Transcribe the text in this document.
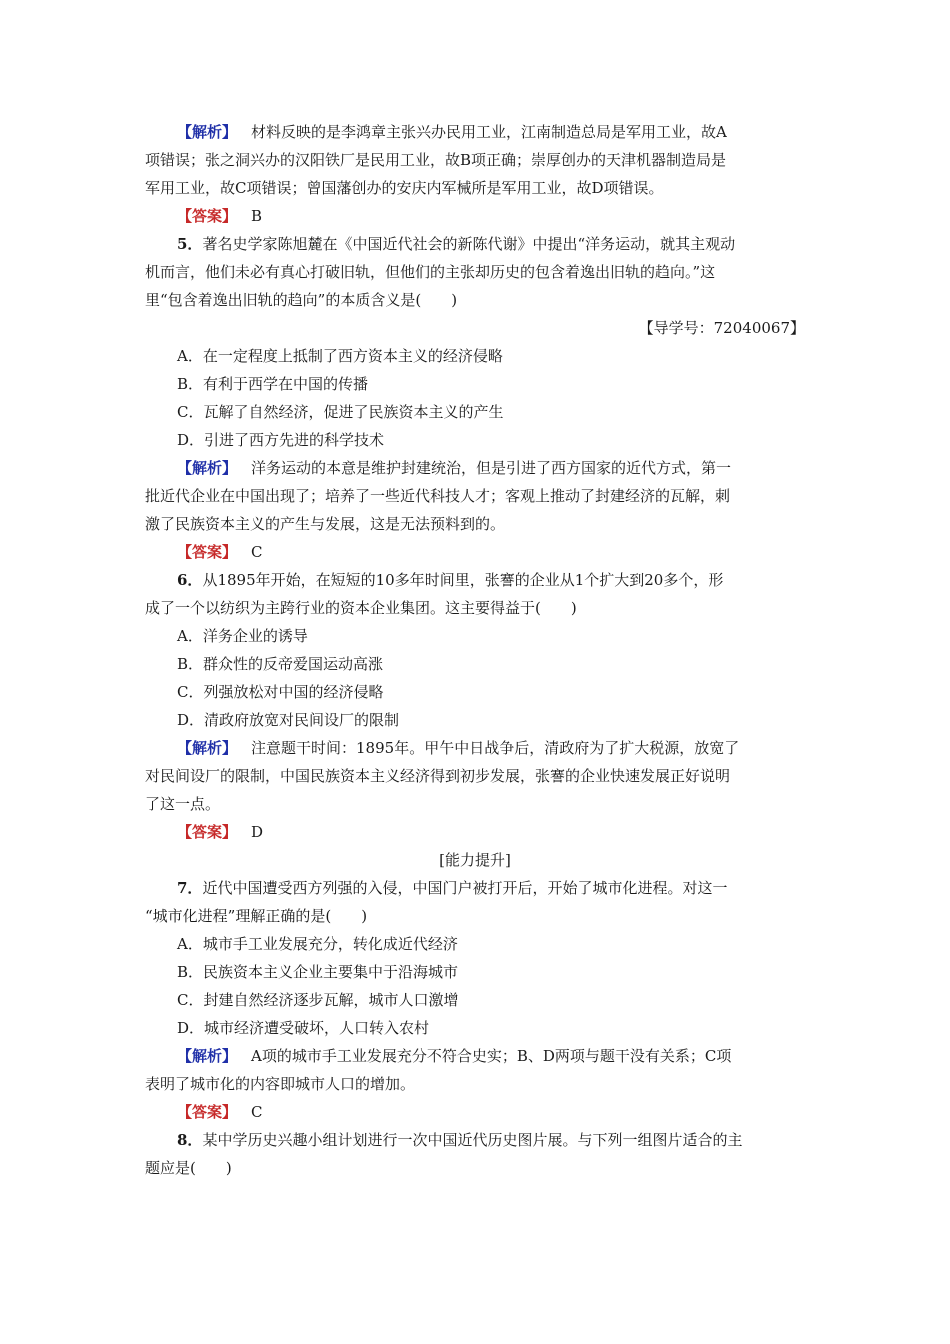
【解析】 材料反映的是李鸿章主张兴办民用工业，江南制造总局是军用工业，故A
项错误；张之洞兴办的汉阳铁厂是民用工业，故B项正确；崇厚创办的天津机器制造局是
军用工业，故C项错误；曾国藩创办的安庆内军械所是军用工业，故D项错误。
【答案】 B
5．著名史学家陈旭麓在《中国近代社会的新陈代谢》中提出“洋务运动，就其主观动
机而言，他们未必有真心打破旧轨，但他们的主张却历史的包含着逸出旧轨的趋向。”这
里“包含着逸出旧轨的趋向”的本质含义是(　　)
【导学号：72040067】
A．在一定程度上抵制了西方资本主义的经济侵略
B．有利于西学在中国的传播
C．瓦解了自然经济，促进了民族资本主义的产生
D．引进了西方先进的科学技术
【解析】 洋务运动的本意是维护封建统治，但是引进了西方国家的近代方式，第一
批近代企业在中国出现了；培养了一些近代科技人才；客观上推动了封建经济的瓦解，刺
激了民族资本主义的产生与发展，这是无法预料到的。
【答案】 C
6．从1895年开始，在短短的10多年时间里，张謇的企业从1个扩大到20多个，形
成了一个以纺织为主跨行业的资本企业集团。这主要得益于(　　)
A．洋务企业的诱导
B．群众性的反帝爱国运动高涨
C．列强放松对中国的经济侵略
D．清政府放宽对民间设厂的限制
【解析】 注意题干时间：1895年。甲午中日战争后，清政府为了扩大税源，放宽了
对民间设厂的限制，中国民族资本主义经济得到初步发展，张謇的企业快速发展正好说明
了这一点。
【答案】 D
[能力提升]
7．近代中国遭受西方列强的入侵，中国门户被打开后，开始了城市化进程。对这一
“城市化进程”理解正确的是(　　)
A．城市手工业发展充分，转化成近代经济
B．民族资本主义企业主要集中于沿海城市
C．封建自然经济逐步瓦解，城市人口激增
D．城市经济遭受破坏，人口转入农村
【解析】 A项的城市手工业发展充分不符合史实；B、D两项与题干没有关系；C项
表明了城市化的内容即城市人口的增加。
【答案】 C
8．某中学历史兴趣小组计划进行一次中国近代历史图片展。与下列一组图片适合的主
题应是(　　)
